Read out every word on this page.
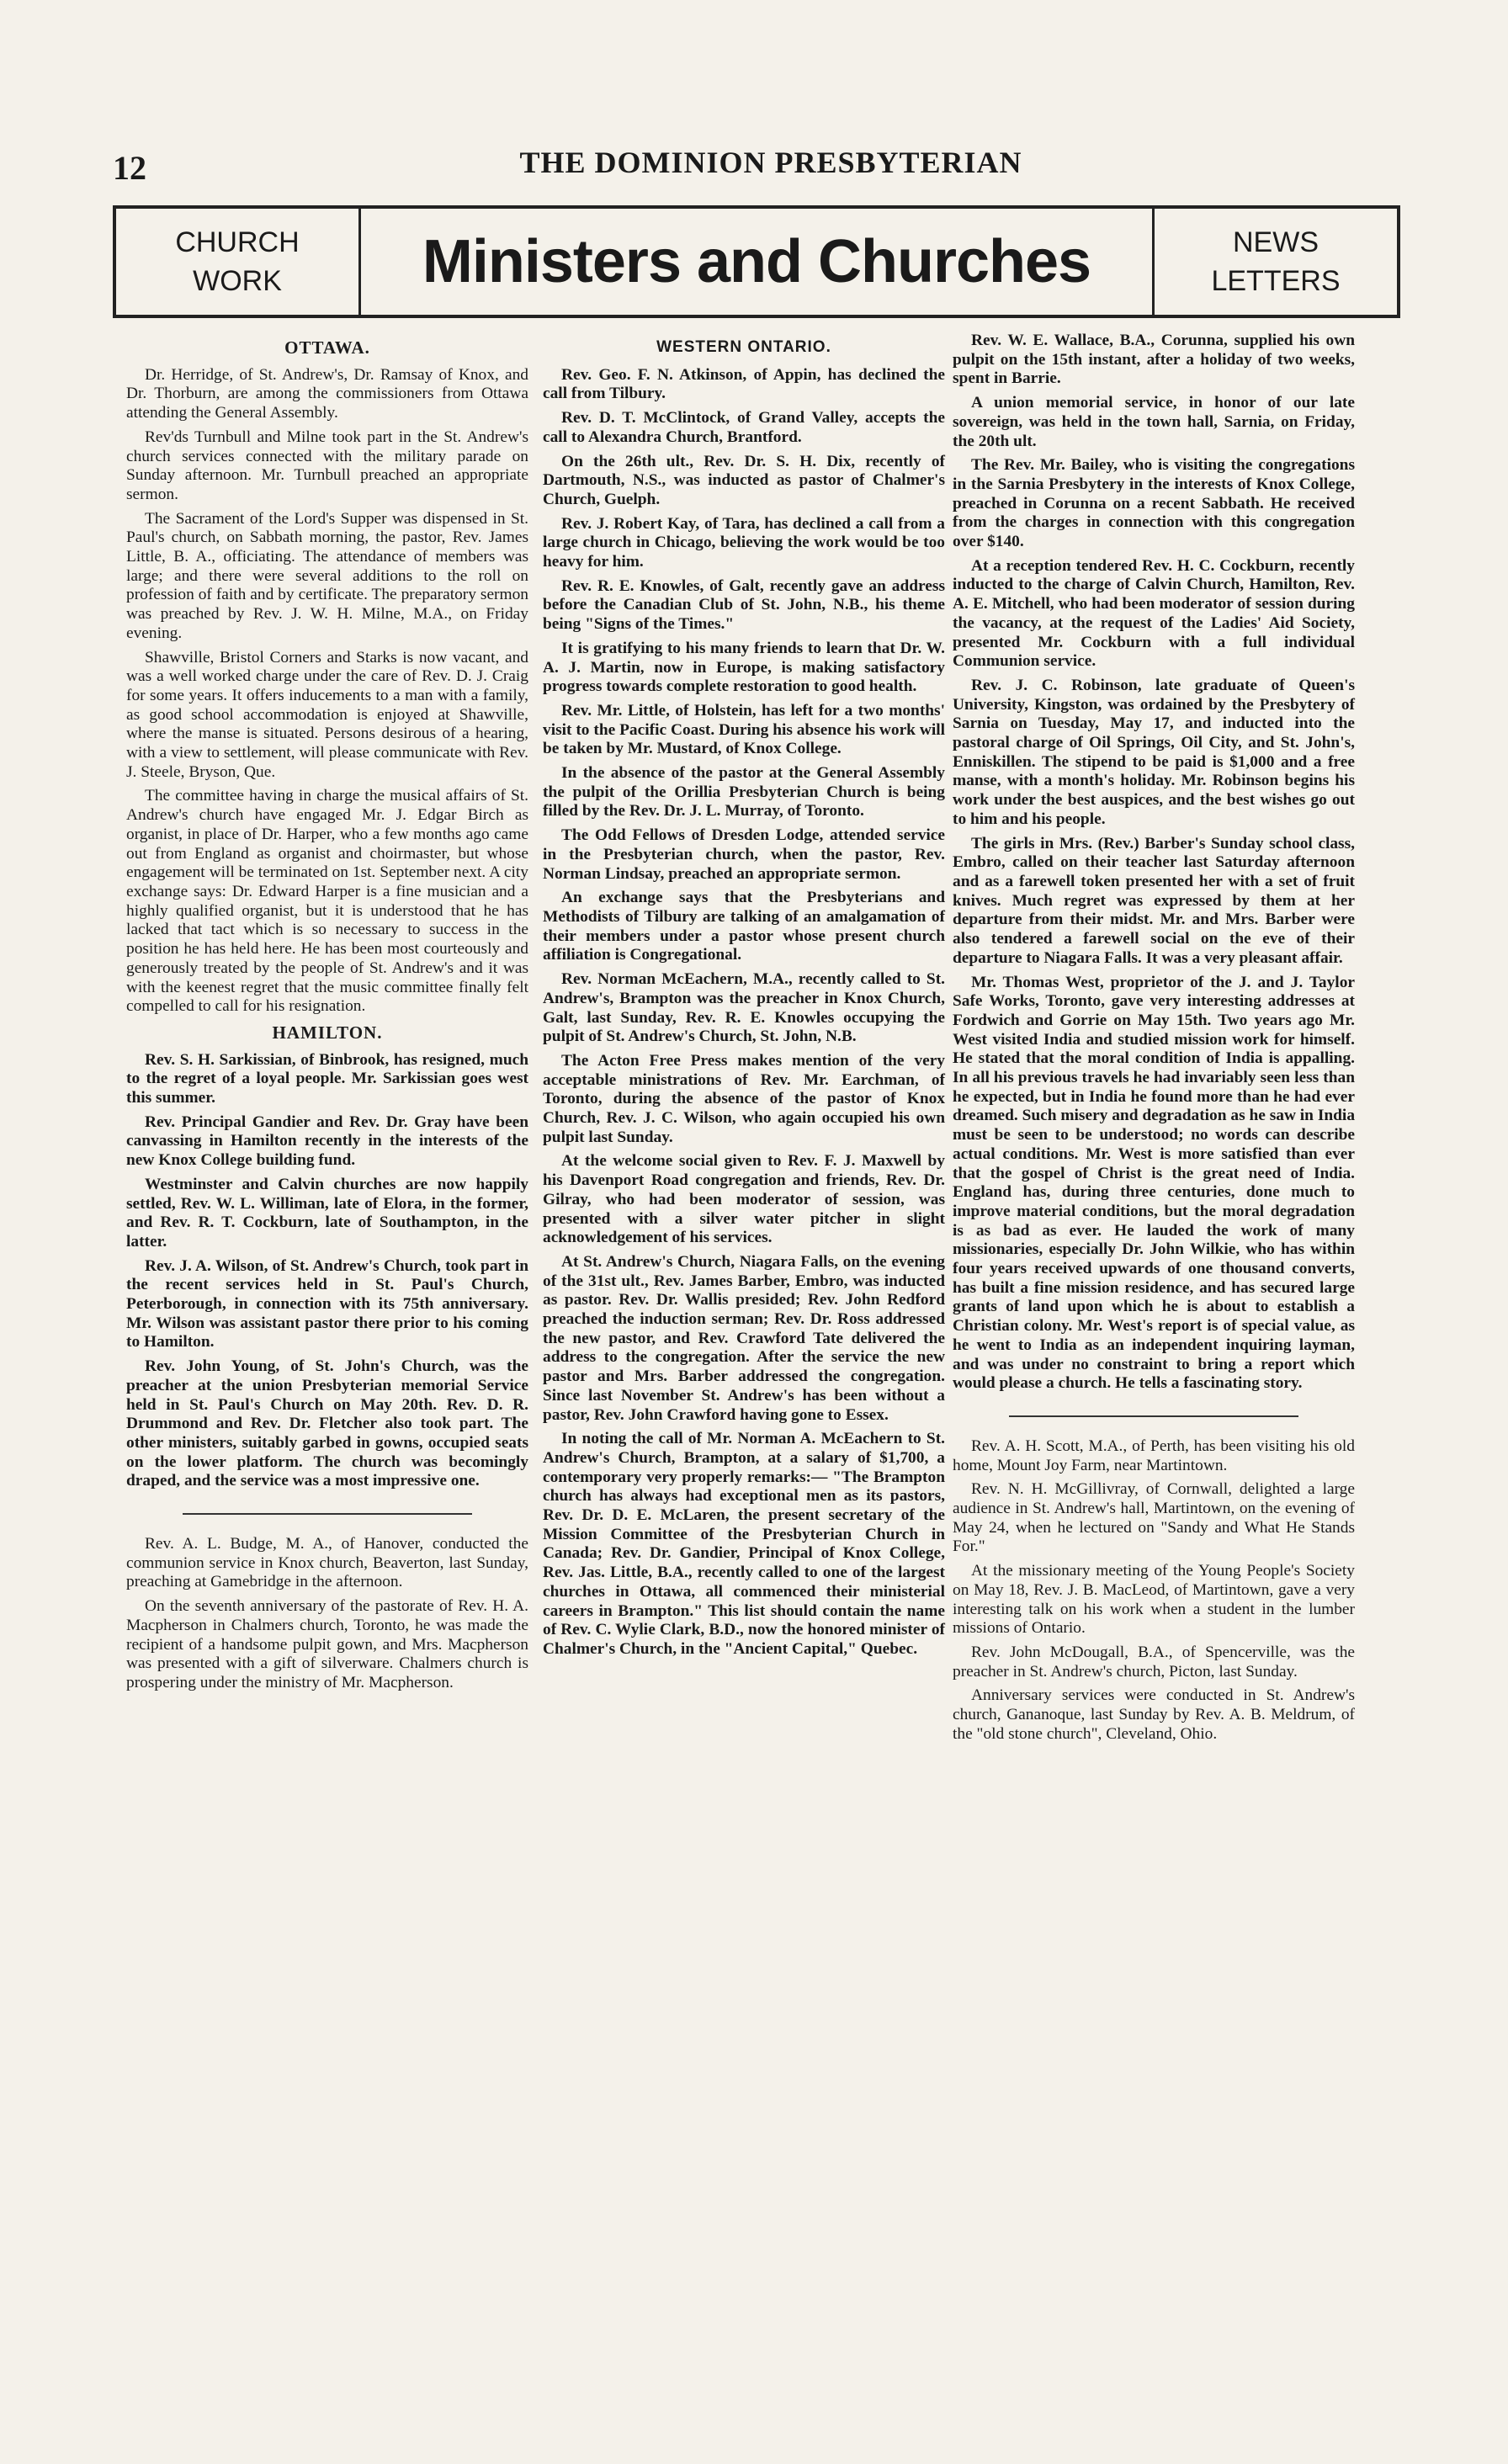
12	THE DOMINION PRESBYTERIAN
CHURCH
WORK	Ministers and Churches	NEWS
LETTERS
OTTAWA.

Dr. Herridge, of St. Andrew's, Dr. Ramsay of Knox, and Dr. Thorburn, are among the commissioners from Ottawa attending the General Assembly.

Rev'ds Turnbull and Milne took part in the St. Andrew's church services connected with the military parade on Sunday afternoon. Mr. Turnbull preached an appropriate sermon.

The Sacrament of the Lord's Supper was dispensed in St. Paul's church, on Sabbath morning, the pastor, Rev. James Little, B. A., officiating. The attendance of members was large; and there were several additions to the roll on profession of faith and by certificate. The preparatory sermon was preached by Rev. J. W. H. Milne, M.A., on Friday evening.

Shawville, Bristol Corners and Starks is now vacant, and was a well worked charge under the care of Rev. D. J. Craig for some years. It offers inducements to a man with a family, as good school accommodation is enjoyed at Shawville, where the manse is situated. Persons desirous of a hearing, with a view to settlement, will please communicate with Rev. J. Steele, Bryson, Que.

The committee having in charge the musical affairs of St. Andrew's church have engaged Mr. J. Edgar Birch as organist, in place of Dr. Harper, who a few months ago came out from England as organist and choirmaster, but whose engagement will be terminated on 1st. September next. A city exchange says: Dr. Edward Harper is a fine musician and a highly qualified organist, but it is understood that he has lacked that tact which is so necessary to success in the position he has held here. He has been most courteously and generously treated by the people of St. Andrew's and it was with the keenest regret that the music committee finally felt compelled to call for his resignation.

HAMILTON.

Rev. S. H. Sarkissian, of Binbrook, has resigned, much to the regret of a loyal people. Mr. Sarkissian goes west this summer.

Rev. Principal Gandier and Rev. Dr. Gray have been canvassing in Hamilton recently in the interests of the new Knox College building fund.

Westminster and Calvin churches are now happily settled, Rev. W. L. Williman, late of Elora, in the former, and Rev. R. T. Cockburn, late of Southampton, in the latter.

Rev. J. A. Wilson, of St. Andrew's Church, took part in the recent services held in St. Paul's Church, Peterborough, in connection with its 75th anniversary. Mr. Wilson was assistant pastor there prior to his coming to Hamilton.

Rev. John Young, of St. John's Church, was the preacher at the union Presbyterian memorial Service held in St. Paul's Church on May 20th. Rev. D. R. Drummond and Rev. Dr. Fletcher also took part. The other ministers, suitably garbed in gowns, occupied seats on the lower platform. The church was becomingly draped, and the service was a most impressive one.

Rev. A. L. Budge, M. A., of Hanover, conducted the communion service in Knox church, Beaverton, last Sunday, preaching at Gamebridge in the afternoon.

On the seventh anniversary of the pastorate of Rev. H. A. Macpherson in Chalmers church, Toronto, he was made the recipient of a handsome pulpit gown, and Mrs. Macpherson was presented with a gift of silverware. Chalmers church is prospering under the ministry of Mr. Macpherson.

WESTERN ONTARIO.

Rev. Geo. F. N. Atkinson, of Appin, has declined the call from Tilbury.

Rev. D. T. McClintock, of Grand Valley, accepts the call to Alexandra Church, Brantford.

On the 26th ult., Rev. Dr. S. H. Dix, recently of Dartmouth, N.S., was inducted as pastor of Chalmer's Church, Guelph.

Rev. J. Robert Kay, of Tara, has declined a call from a large church in Chicago, believing the work would be too heavy for him.

Rev. R. E. Knowles, of Galt, recently gave an address before the Canadian Club of St. John, N.B., his theme being "Signs of the Times."

It is gratifying to his many friends to learn that Dr. W. A. J. Martin, now in Europe, is making satisfactory progress towards complete restoration to good health.

Rev. Mr. Little, of Holstein, has left for a two months' visit to the Pacific Coast. During his absence his work will be taken by Mr. Mustard, of Knox College.

In the absence of the pastor at the General Assembly the pulpit of the Orillia Presbyterian Church is being filled by the Rev. Dr. J. L. Murray, of Toronto.

The Odd Fellows of Dresden Lodge, attended service in the Presbyterian church, when the pastor, Rev. Norman Lindsay, preached an appropriate sermon.

An exchange says that the Presbyterians and Methodists of Tilbury are talking of an amalgamation of their members under a pastor whose present church affiliation is Congregational.

Rev. Norman McEachern, M.A., recently called to St. Andrew's, Brampton was the preacher in Knox Church, Galt, last Sunday, Rev. R. E. Knowles occupying the pulpit of St. Andrew's Church, St. John, N.B.

The Acton Free Press makes mention of the very acceptable ministrations of Rev. Mr. Earchman, of Toronto, during the absence of the pastor of Knox Church, Rev. J. C. Wilson, who again occupied his own pulpit last Sunday.

At the welcome social given to Rev. F. J. Maxwell by his Davenport Road congregation and friends, Rev. Dr. Gilray, who had been moderator of session, was presented with a silver water pitcher in slight acknowledgement of his services.

At St. Andrew's Church, Niagara Falls, on the evening of the 31st ult., Rev. James Barber, Embro, was inducted as pastor. Rev. Dr. Wallis presided; Rev. John Redford preached the induction serman; Rev. Dr. Ross addressed the new pastor, and Rev. Crawford Tate delivered the address to the congregation. After the service the new pastor and Mrs. Barber addressed the congregation. Since last November St. Andrew's has been without a pastor, Rev. John Crawford having gone to Essex.

In noting the call of Mr. Norman A. McEachern to St. Andrew's Church, Brampton, at a salary of $1,700, a contemporary very properly remarks:— "The Brampton church has always had exceptional men as its pastors, Rev. Dr. D. E. McLaren, the present secretary of the Mission Committee of the Presbyterian Church in Canada; Rev. Dr. Gandier, Principal of Knox College, Rev. Jas. Little, B.A., recently called to one of the largest churches in Ottawa, all commenced their ministerial careers in Brampton." This list should contain the name of Rev. C. Wylie Clark, B.D., now the honored minister of Chalmer's Church, in the "Ancient Capital," Quebec.

Rev. W. E. Wallace, B.A., Corunna, supplied his own pulpit on the 15th instant, after a holiday of two weeks, spent in Barrie.

A union memorial service, in honor of our late sovereign, was held in the town hall, Sarnia, on Friday, the 20th ult.

The Rev. Mr. Bailey, who is visiting the congregations in the Sarnia Presbytery in the interests of Knox College, preached in Corunna on a recent Sabbath. He received from the charges in connection with this congregation over $140.

At a reception tendered Rev. H. C. Cockburn, recently inducted to the charge of Calvin Church, Hamilton, Rev. A. E. Mitchell, who had been moderator of session during the vacancy, at the request of the Ladies' Aid Society, presented Mr. Cockburn with a full individual Communion service.

Rev. J. C. Robinson, late graduate of Queen's University, Kingston, was ordained by the Presbytery of Sarnia on Tuesday, May 17, and inducted into the pastoral charge of Oil Springs, Oil City, and St. John's, Enniskillen. The stipend to be paid is $1,000 and a free manse, with a month's holiday. Mr. Robinson begins his work under the best auspices, and the best wishes go out to him and his people.

The girls in Mrs. (Rev.) Barber's Sunday school class, Embro, called on their teacher last Saturday afternoon and as a farewell token presented her with a set of fruit knives. Much regret was expressed by them at her departure from their midst. Mr. and Mrs. Barber were also tendered a farewell social on the eve of their departure to Niagara Falls. It was a very pleasant affair.

Mr. Thomas West, proprietor of the J. and J. Taylor Safe Works, Toronto, gave very interesting addresses at Fordwich and Gorrie on May 15th. Two years ago Mr. West visited India and studied mission work for himself. He stated that the moral condition of India is appalling. In all his previous travels he had invariably seen less than he expected, but in India he found more than he had ever dreamed. Such misery and degradation as he saw in India must be seen to be understood; no words can describe actual conditions. Mr. West is more satisfied than ever that the gospel of Christ is the great need of India. England has, during three centuries, done much to improve material conditions, but the moral degradation is as bad as ever. He lauded the work of many missionaries, especially Dr. John Wilkie, who has within four years received upwards of one thousand converts, has built a fine mission residence, and has secured large grants of land upon which he is about to establish a Christian colony. Mr. West's report is of special value, as he went to India as an independent inquiring layman, and was under no constraint to bring a report which would please a church. He tells a fascinating story.

Rev. A. H. Scott, M.A., of Perth, has been visiting his old home, Mount Joy Farm, near Martintown.

Rev. N. H. McGillivray, of Cornwall, delighted a large audience in St. Andrew's hall, Martintown, on the evening of May 24, when he lectured on "Sandy and What He Stands For."

At the missionary meeting of the Young People's Society on May 18, Rev. J. B. MacLeod, of Martintown, gave a very interesting talk on his work when a student in the lumber missions of Ontario.

Rev. John McDougall, B.A., of Spencerville, was the preacher in St. Andrew's church, Picton, last Sunday.

Anniversary services were conducted in St. Andrew's church, Gananoque, last Sunday by Rev. A. B. Meldrum, of the "old stone church", Cleveland, Ohio.
